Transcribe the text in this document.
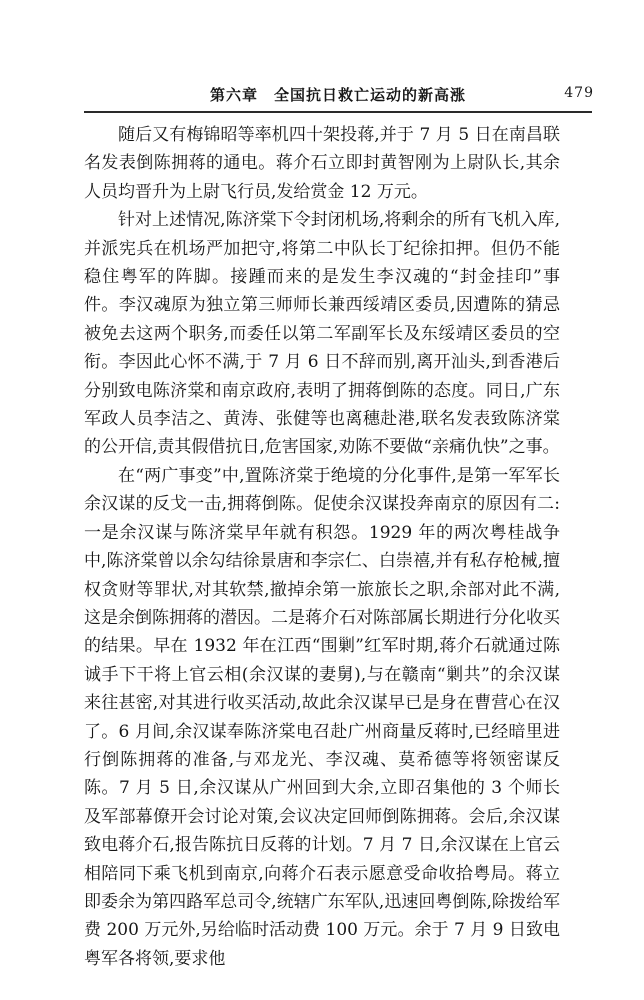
第六章　全国抗日救亡运动的新高涨	479

随后又有梅锦昭等率机四十架投蒋,并于 7 月 5 日在南昌联名发表倒陈拥蒋的通电。蒋介石立即封黄智刚为上尉队长,其余人员均晋升为上尉飞行员,发给赏金 12 万元。

针对上述情况,陈济棠下令封闭机场,将剩余的所有飞机入库,并派宪兵在机场严加把守,将第二中队长丁纪徐扣押。但仍不能稳住粤军的阵脚。接踵而来的是发生李汉魂的“封金挂印”事件。李汉魂原为独立第三师师长兼西绥靖区委员,因遭陈的猜忌被免去这两个职务,而委任以第二军副军长及东绥靖区委员的空衔。李因此心怀不满,于 7 月 6 日不辞而别,离开汕头,到香港后分别致电陈济棠和南京政府,表明了拥蒋倒陈的态度。同日,广东军政人员李洁之、黄涛、张健等也离穗赴港,联名发表致陈济棠的公开信,责其假借抗日,危害国家,劝陈不要做“亲痛仇快”之事。

在“两广事变”中,置陈济棠于绝境的分化事件,是第一军军长余汉谋的反戈一击,拥蒋倒陈。促使余汉谋投奔南京的原因有二:一是余汉谋与陈济棠早年就有积怨。1929 年的两次粤桂战争中,陈济棠曾以余勾结徐景唐和李宗仁、白崇禧,并有私存枪械,擅权贪财等罪状,对其软禁,撤掉余第一旅旅长之职,余部对此不满,这是余倒陈拥蒋的潜因。二是蒋介石对陈部属长期进行分化收买的结果。早在 1932 年在江西“围剿”红军时期,蒋介石就通过陈诚手下干将上官云相(余汉谋的妻舅),与在赣南“剿共”的余汉谋来往甚密,对其进行收买活动,故此余汉谋早已是身在曹营心在汉了。6 月间,余汉谋奉陈济棠电召赴广州商量反蒋时,已经暗里进行倒陈拥蒋的准备,与邓龙光、李汉魂、莫希德等将领密谋反陈。7 月 5 日,余汉谋从广州回到大余,立即召集他的 3 个师长及军部幕僚开会讨论对策,会议决定回师倒陈拥蒋。会后,余汉谋致电蒋介石,报告陈抗日反蒋的计划。7 月 7 日,余汉谋在上官云相陪同下乘飞机到南京,向蒋介石表示愿意受命收拾粤局。蒋立即委余为第四路军总司令,统辖广东军队,迅速回粤倒陈,除拨给军费 200 万元外,另给临时活动费 100 万元。余于 7 月 9 日致电粤军各将领,要求他
